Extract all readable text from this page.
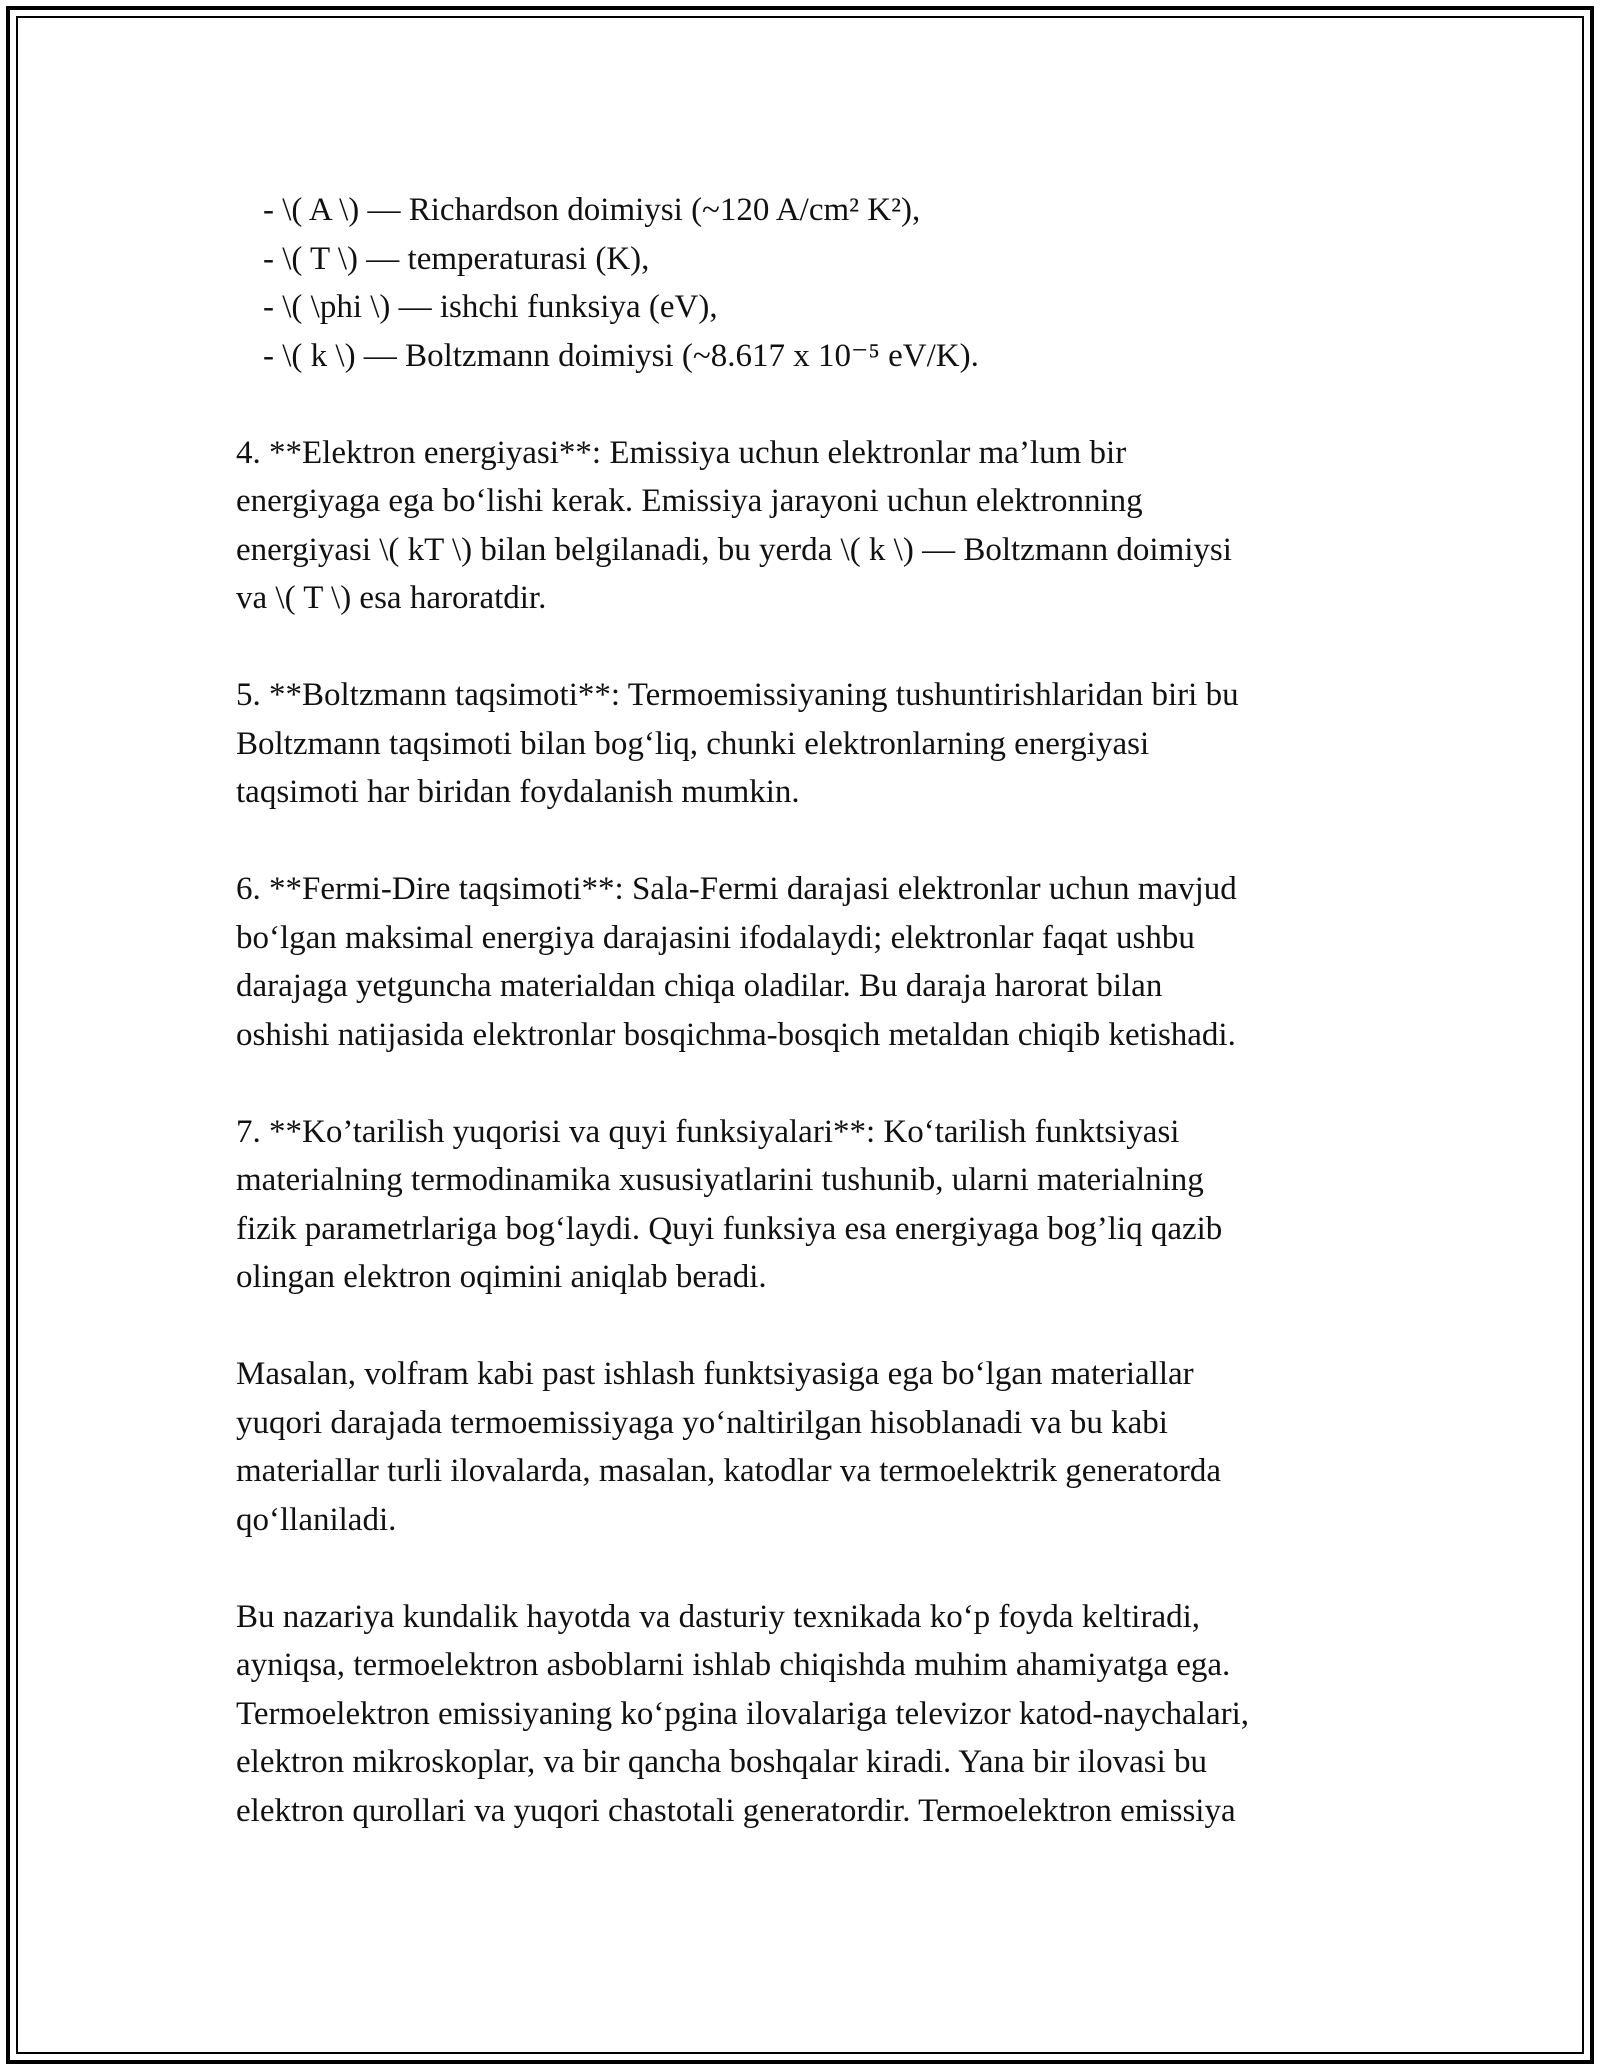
- \( A \) — Richardson doimiysi (~120 A/cm² K²),
- \( T \) — temperaturasi (K),
- \( \phi \) — ishchi funksiya (eV),
- \( k \) — Boltzmann doimiysi (~8.617 x 10⁻⁵ eV/K).
4. **Elektron energiyasi**: Emissiya uchun elektronlar ma’lum bir
energiyaga ega bo‘lishi kerak. Emissiya jarayoni uchun elektronning
energiyasi \( kT \) bilan belgilanadi, bu yerda \( k \) — Boltzmann doimiysi
va \( T \) esa haroratdir.
5. **Boltzmann taqsimoti**: Termoemissiyaning tushuntirishlaridan biri bu
Boltzmann taqsimoti bilan bog‘liq, chunki elektronlarning energiyasi
taqsimoti har biridan foydalanish mumkin.
6. **Fermi-Dire taqsimoti**: Sala-Fermi darajasi elektronlar uchun mavjud
bo‘lgan maksimal energiya darajasini ifodalaydi; elektronlar faqat ushbu
darajaga yetguncha materialdan chiqa oladilar. Bu daraja harorat bilan
oshishi natijasida elektronlar bosqichma-bosqich metaldan chiqib ketishadi.
7. **Ko’tarilish yuqorisi va quyi funksiyalari**: Ko‘tarilish funktsiyasi
materialning termodinamika xususiyatlarini tushunib, ularni materialning
fizik parametrlariga bog‘laydi. Quyi funksiya esa energiyaga bog’liq qazib
olingan elektron oqimini aniqlab beradi.
Masalan, volfram kabi past ishlash funktsiyasiga ega bo‘lgan materiallar
yuqori darajada termoemissiyaga yo‘naltirilgan hisoblanadi va bu kabi
materiallar turli ilovalarda, masalan, katodlar va termoelektrik generatorda
qo‘llaniladi.
Bu nazariya kundalik hayotda va dasturiy texnikada ko‘p foyda keltiradi,
ayniqsa, termoelektron asboblarni ishlab chiqishda muhim ahamiyatga ega.
Termoelektron emissiyaning ko‘pgina ilovalariga televizor katod-naychalari,
elektron mikroskoplar, va bir qancha boshqalar kiradi. Yana bir ilovasi bu
elektron qurollari va yuqori chastotali generatordir. Termoelektron emissiya
